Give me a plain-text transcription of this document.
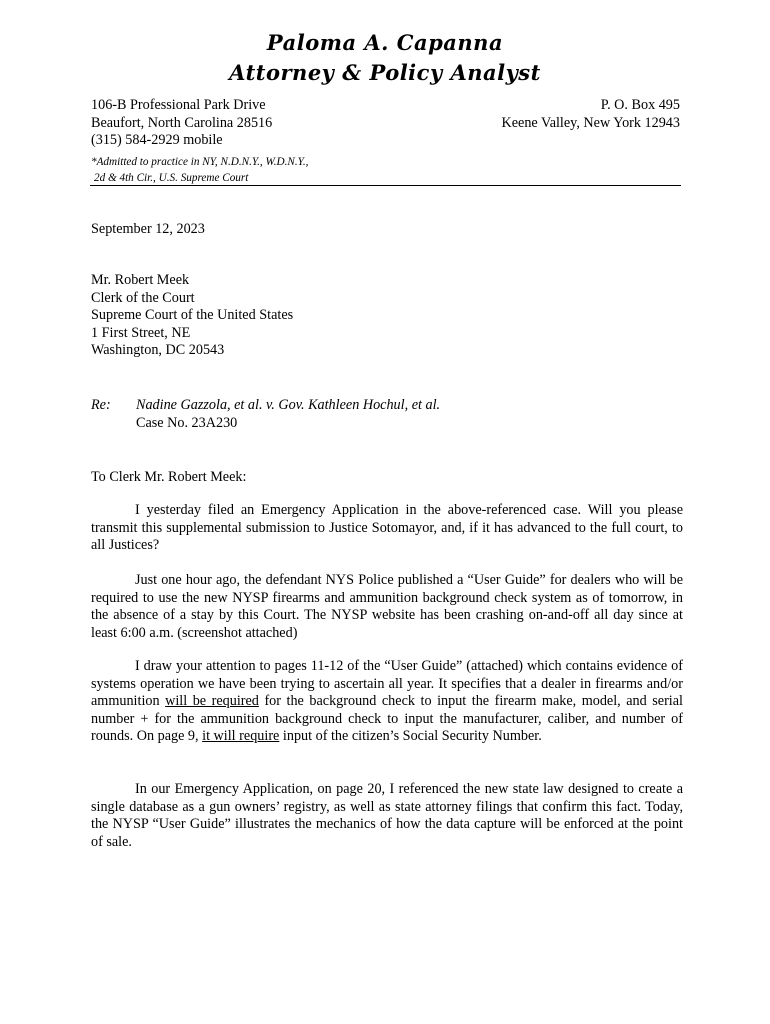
Paloma A. Capanna
Attorney & Policy Analyst
106-B Professional Park Drive
Beaufort, North Carolina 28516
(315) 584-2929 mobile
P. O. Box 495
Keene Valley, New York 12943
*Admitted to practice in NY, N.D.N.Y., W.D.N.Y.,
2d & 4th Cir., U.S. Supreme Court
September 12, 2023
Mr. Robert Meek
Clerk of the Court
Supreme Court of the United States
1 First Street, NE
Washington, DC 20543
Re: Nadine Gazzola, et al. v. Gov. Kathleen Hochul, et al.
Case No. 23A230
To Clerk Mr. Robert Meek:
I yesterday filed an Emergency Application in the above-referenced case. Will you please transmit this supplemental submission to Justice Sotomayor, and, if it has advanced to the full court, to all Justices?
Just one hour ago, the defendant NYS Police published a “User Guide” for dealers who will be required to use the new NYSP firearms and ammunition background check system as of tomorrow, in the absence of a stay by this Court. The NYSP website has been crashing on-and-off all day since at least 6:00 a.m. (screenshot attached)
I draw your attention to pages 11-12 of the “User Guide” (attached) which contains evidence of systems operation we have been trying to ascertain all year. It specifies that a dealer in firearms and/or ammunition will be required for the background check to input the firearm make, model, and serial number + for the ammunition background check to input the manufacturer, caliber, and number of rounds. On page 9, it will require input of the citizen’s Social Security Number.
In our Emergency Application, on page 20, I referenced the new state law designed to create a single database as a gun owners’ registry, as well as state attorney filings that confirm this fact. Today, the NYSP “User Guide” illustrates the mechanics of how the data capture will be enforced at the point of sale.
